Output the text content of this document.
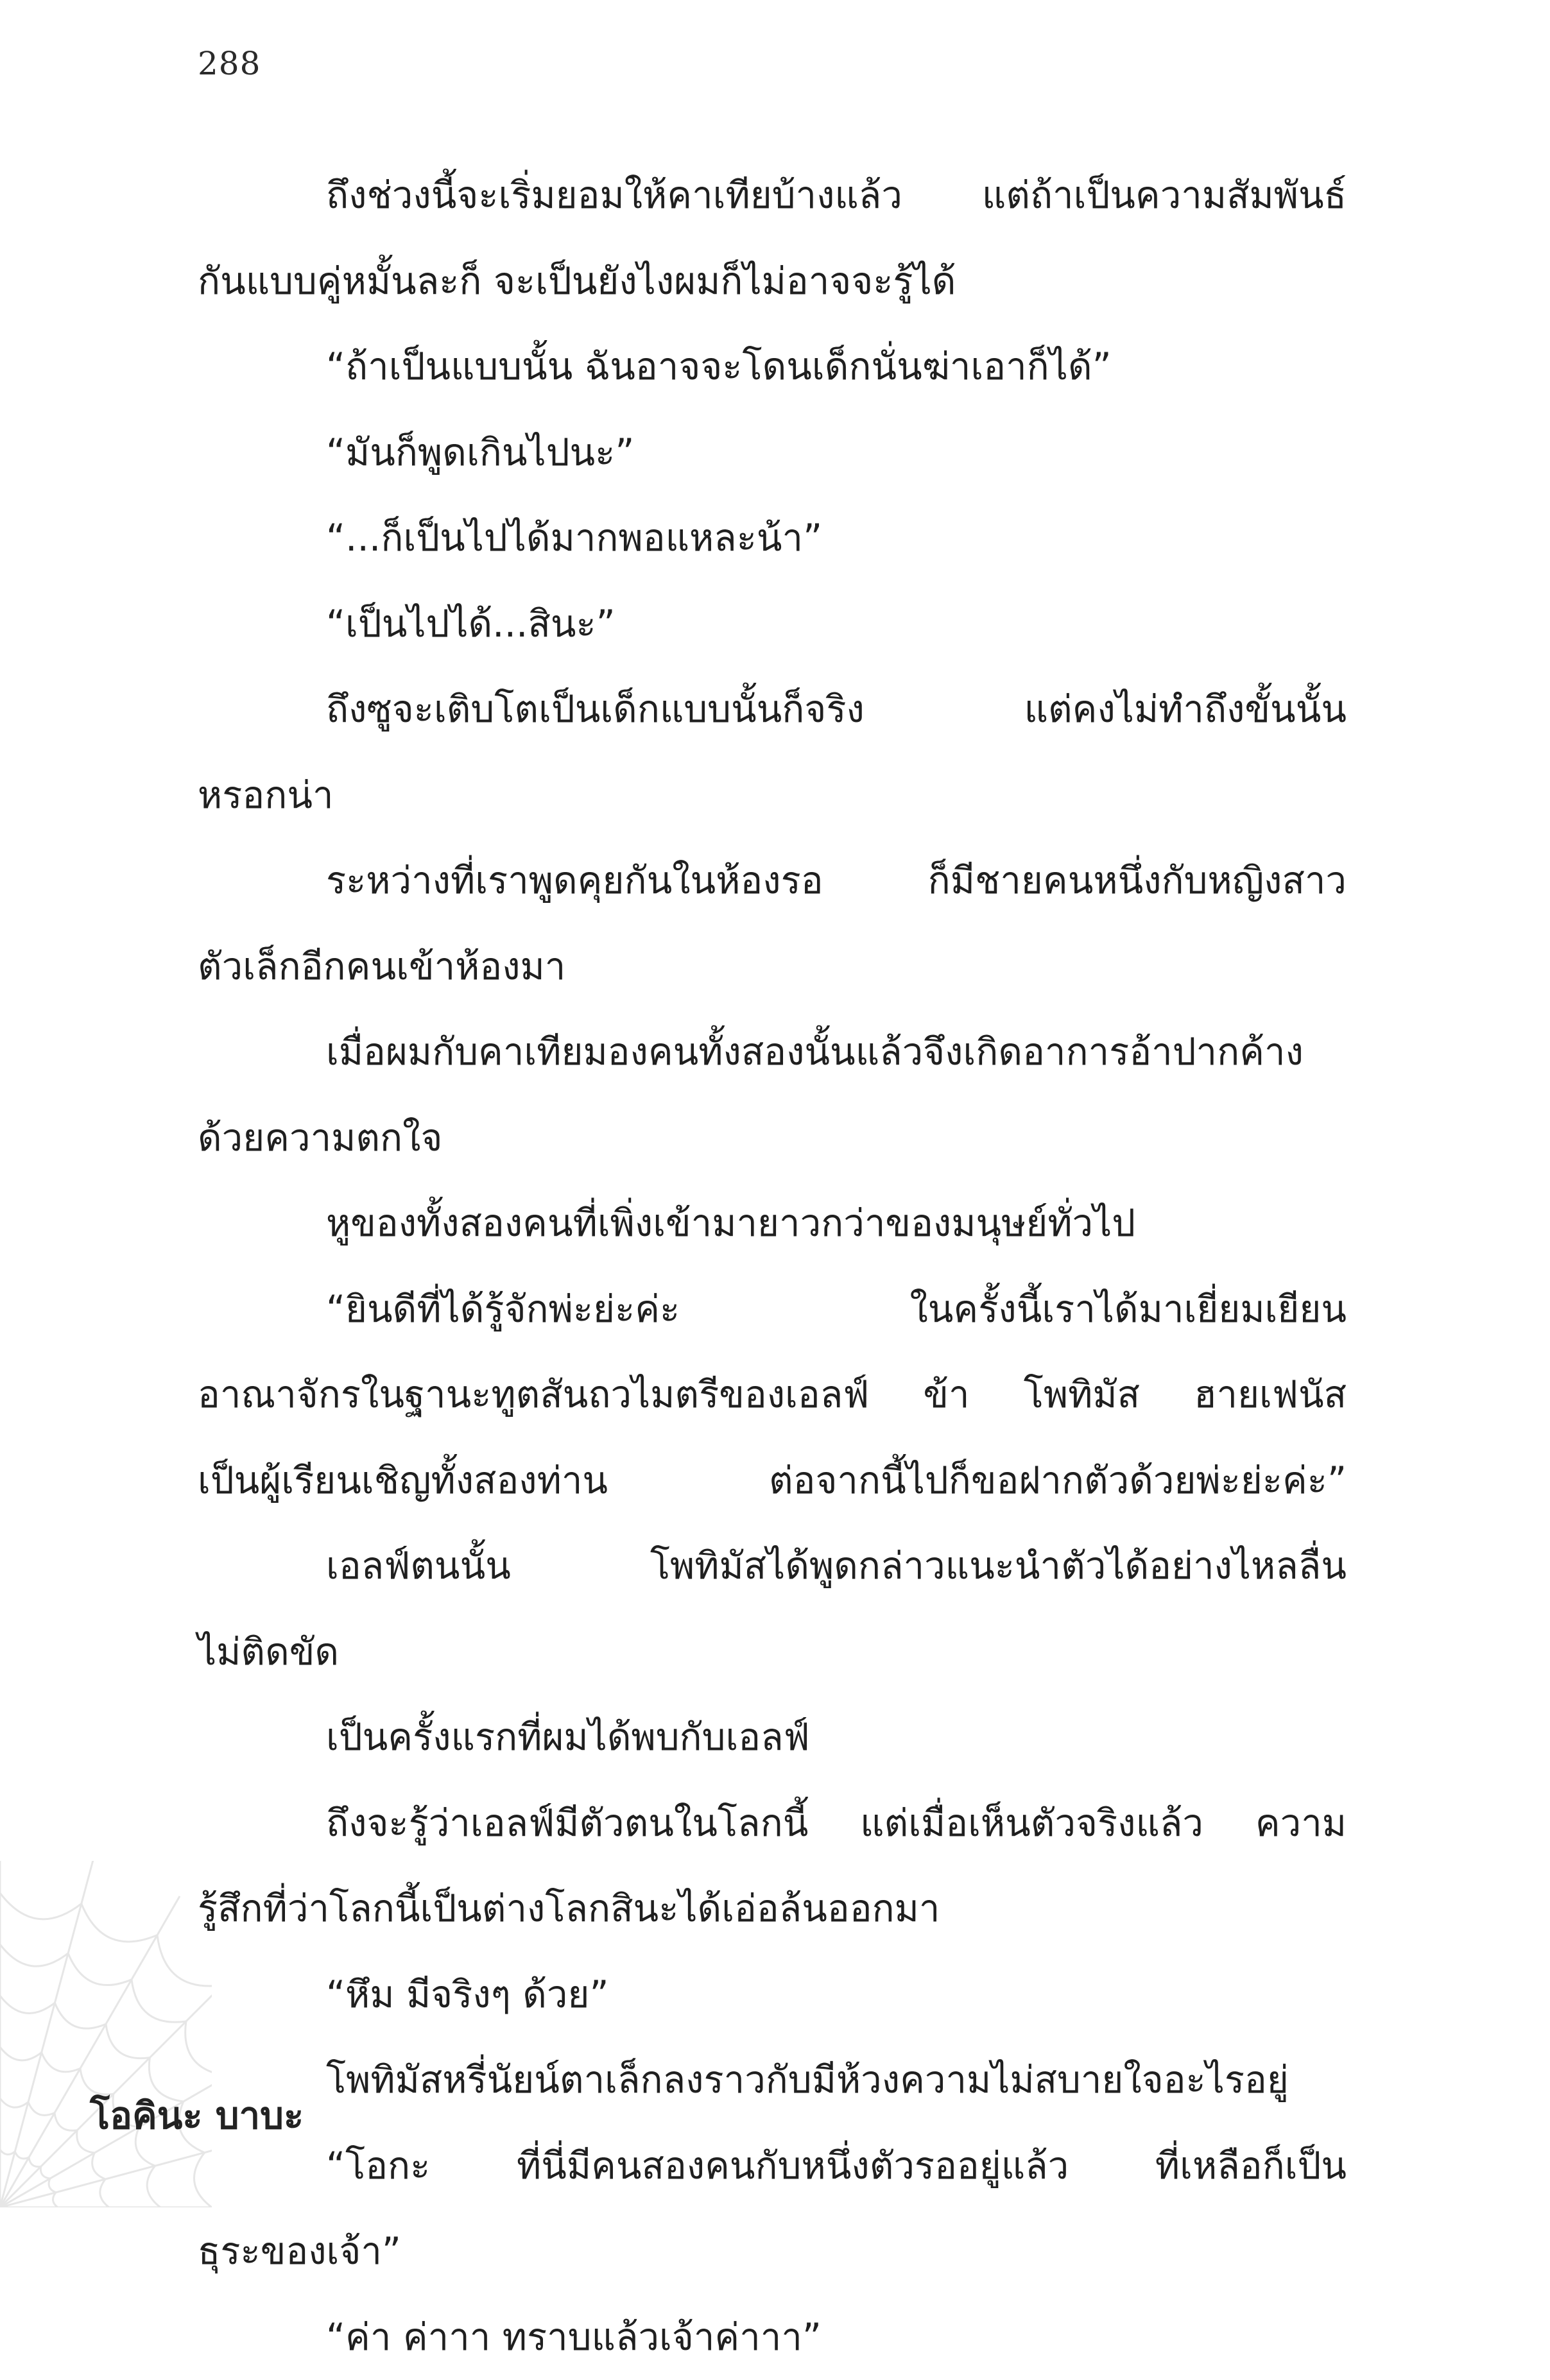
288
ถึงช่วงนี้จะเริ่มยอมให้คาเทียบ้างแล้ว แต่ถ้าเป็นความสัมพันธ์
กันแบบคู่หมั้นละก็ จะเป็นยังไงผมก็ไม่อาจจะรู้ได้
“ถ้าเป็นแบบนั้น ฉันอาจจะโดนเด็กนั่นฆ่าเอาก็ได้”
“มันก็พูดเกินไปนะ”
“...ก็เป็นไปได้มากพอแหละน้า”
“เป็นไปได้...สินะ”
ถึงซูจะเติบโตเป็นเด็กแบบนั้นก็จริง แต่คงไม่ทำถึงขั้นนั้น
หรอกน่า
ระหว่างที่เราพูดคุยกันในห้องรอ ก็มีชายคนหนึ่งกับหญิงสาว
ตัวเล็กอีกคนเข้าห้องมา
เมื่อผมกับคาเทียมองคนทั้งสองนั้นแล้วจึงเกิดอาการอ้าปากค้าง
ด้วยความตกใจ
หูของทั้งสองคนที่เพิ่งเข้ามายาวกว่าของมนุษย์ทั่วไป
“ยินดีที่ได้รู้จักพ่ะย่ะค่ะ ในครั้งนี้เราได้มาเยี่ยมเยียน
อาณาจักรในฐานะทูตสันถวไมตรีของเอลฟ์ ข้า โพทิมัส ฮายเฟนัส
เป็นผู้เรียนเชิญทั้งสองท่าน ต่อจากนี้ไปก็ขอฝากตัวด้วยพ่ะย่ะค่ะ”
เอลฟ์ตนนั้น โพทิมัสได้พูดกล่าวแนะนำตัวได้อย่างไหลลื่น
ไม่ติดขัด
เป็นครั้งแรกที่ผมได้พบกับเอลฟ์
ถึงจะรู้ว่าเอลฟ์มีตัวตนในโลกนี้ แต่เมื่อเห็นตัวจริงแล้ว ความ
รู้สึกที่ว่าโลกนี้เป็นต่างโลกสินะได้เอ่อล้นออกมา
“หึม มีจริงๆ ด้วย”
โพทิมัสหรี่นัยน์ตาเล็กลงราวกับมีห้วงความไม่สบายใจอะไรอยู่
“โอกะ ที่นี่มีคนสองคนกับหนึ่งตัวรออยู่แล้ว ที่เหลือก็เป็น
ธุระของเจ้า”
“ค่า ค่าาา ทราบแล้วเจ้าค่าาา”
โอคินะ บาบะ
